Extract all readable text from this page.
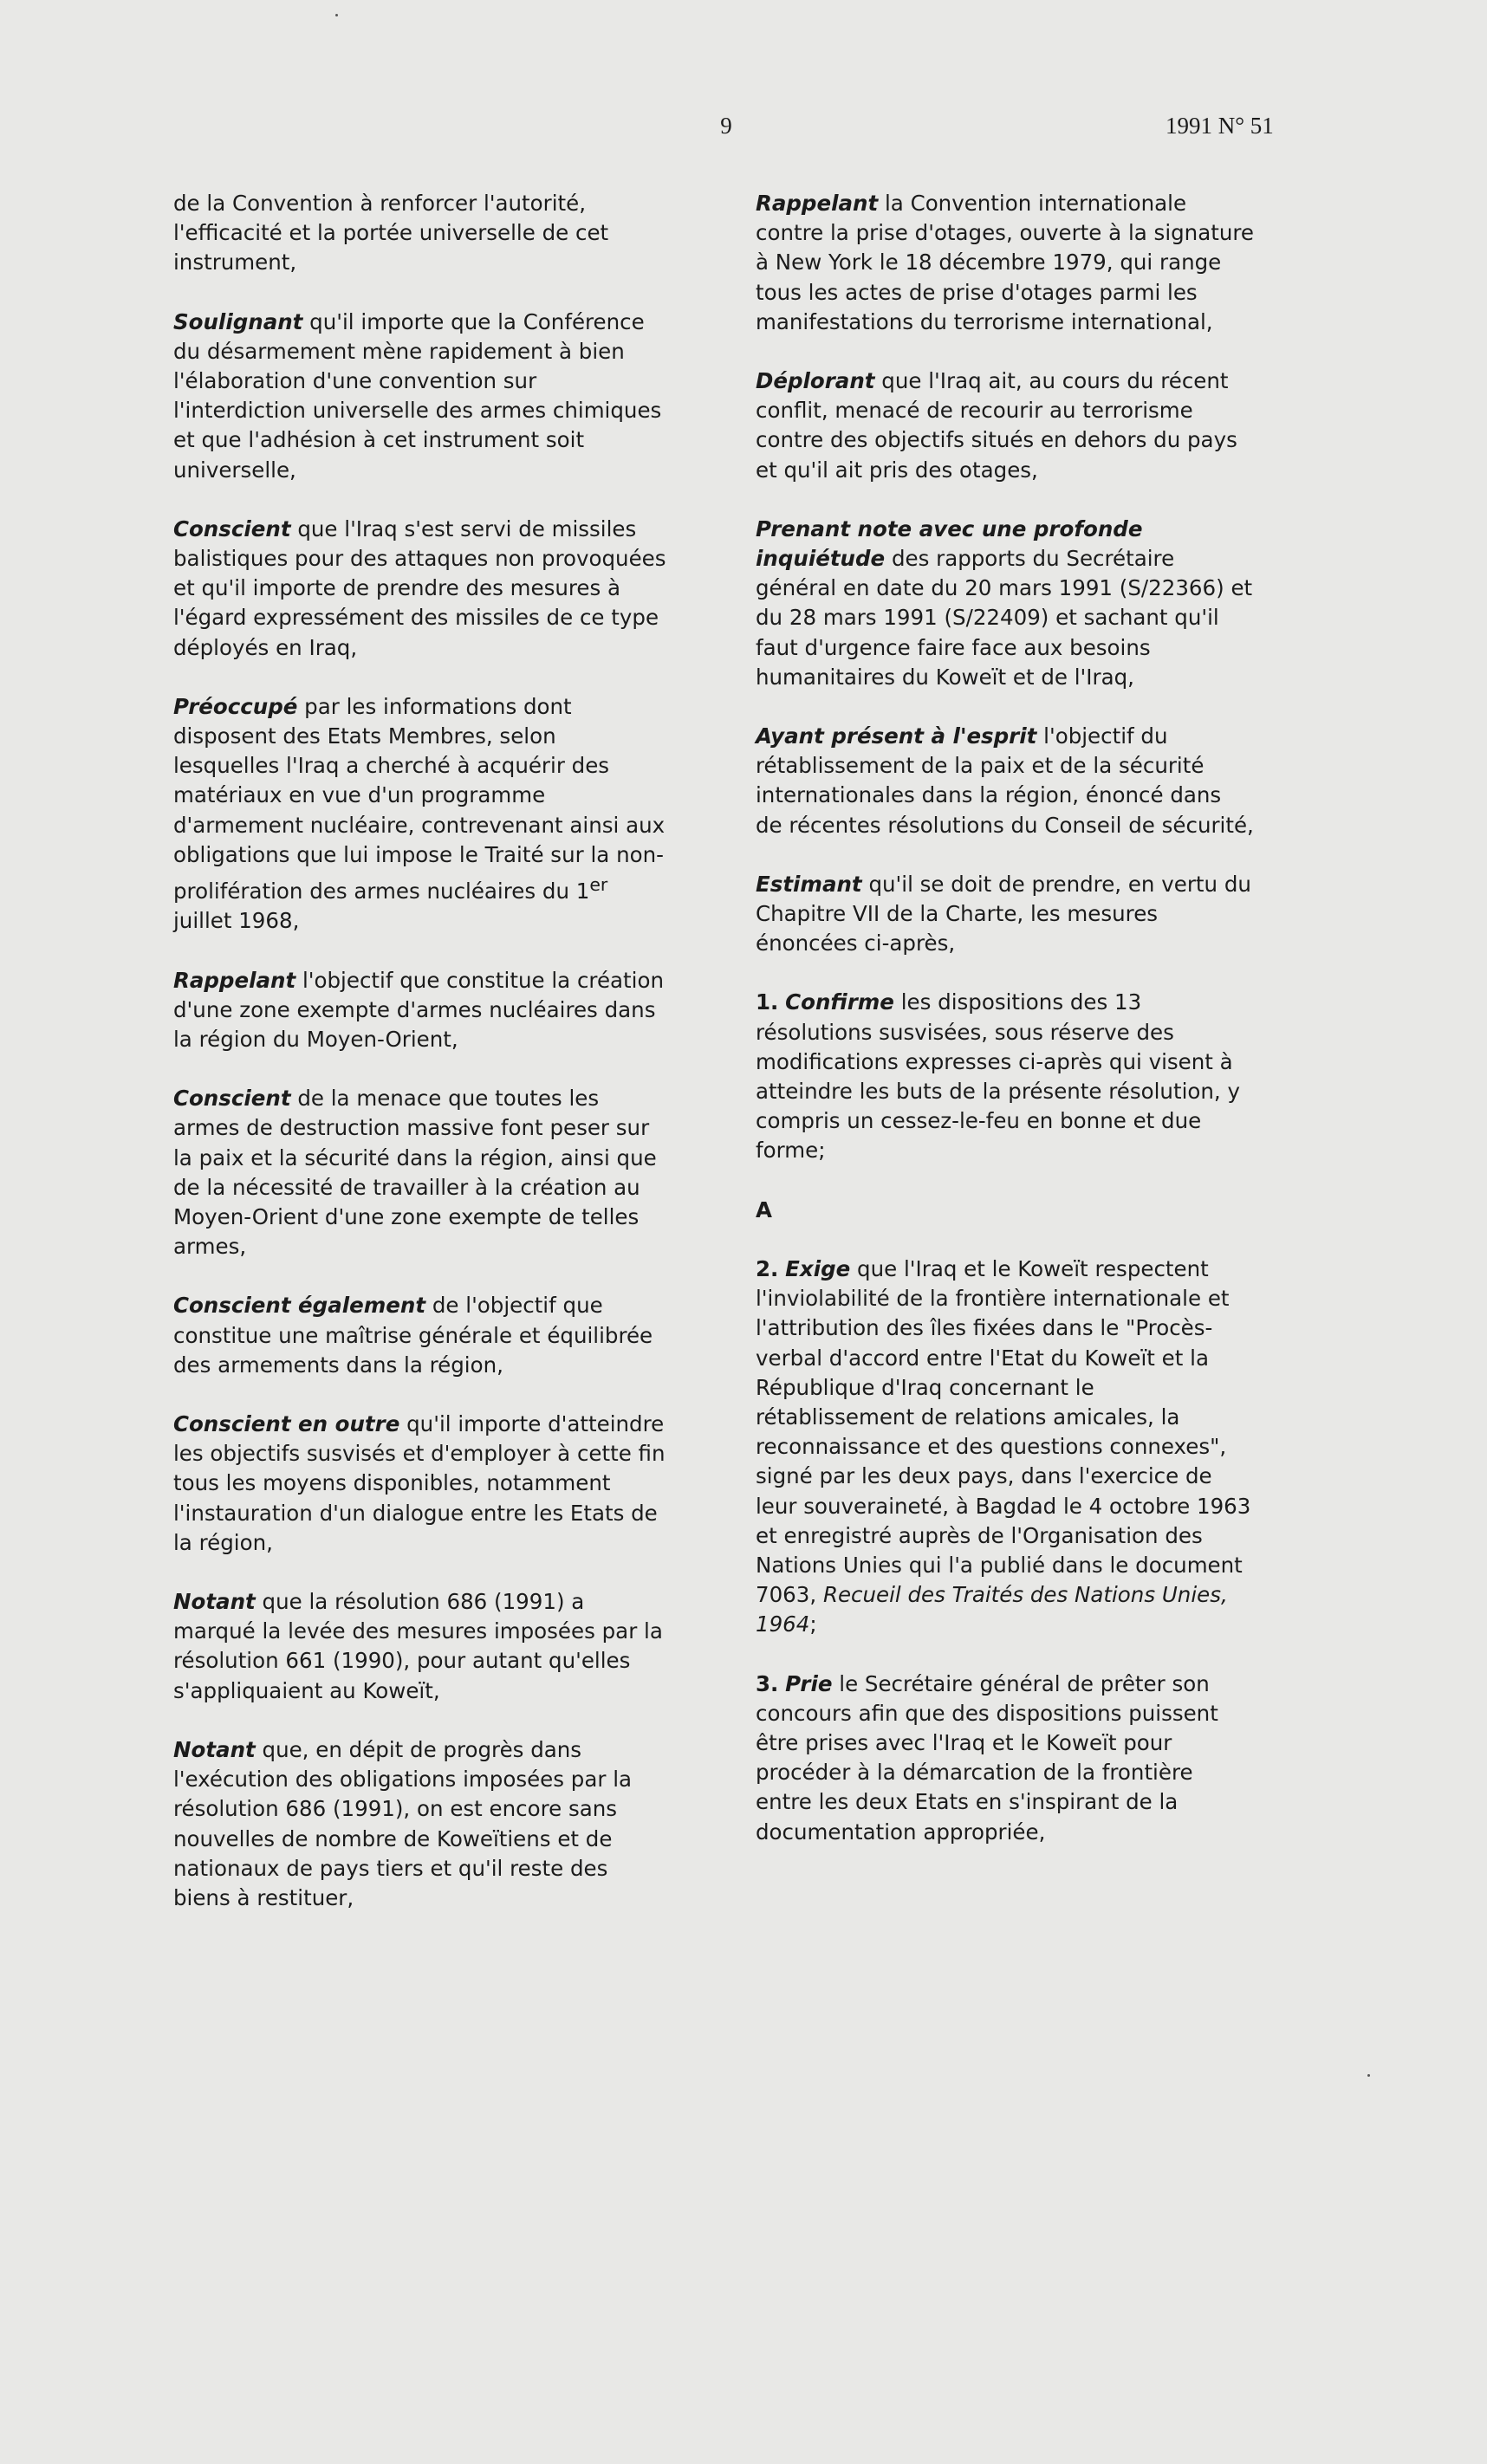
9	1991 N° 51

de la Convention à renforcer l'autorité, l'efficacité et la portée universelle de cet instrument,

Soulignant qu'il importe que la Conférence du désarmement mène rapidement à bien l'élaboration d'une convention sur l'interdiction universelle des armes chimiques et que l'adhésion à cet instrument soit universelle,

Conscient que l'Iraq s'est servi de missiles balistiques pour des attaques non provoquées et qu'il importe de prendre des mesures à l'égard expressément des missiles de ce type déployés en Iraq,

Préoccupé par les informations dont disposent des Etats Membres, selon lesquelles l'Iraq a cherché à acquérir des matériaux en vue d'un programme d'armement nucléaire, contrevenant ainsi aux obligations que lui impose le Traité sur la non-prolifération des armes nucléaires du 1er juillet 1968,

Rappelant l'objectif que constitue la création d'une zone exempte d'armes nucléaires dans la région du Moyen-Orient,

Conscient de la menace que toutes les armes de destruction massive font peser sur la paix et la sécurité dans la région, ainsi que de la nécessité de travailler à la création au Moyen-Orient d'une zone exempte de telles armes,

Conscient également de l'objectif que constitue une maîtrise générale et équilibrée des armements dans la région,

Conscient en outre qu'il importe d'atteindre les objectifs susvisés et d'employer à cette fin tous les moyens disponibles, notamment l'instauration d'un dialogue entre les Etats de la région,

Notant que la résolution 686 (1991) a marqué la levée des mesures imposées par la résolution 661 (1990), pour autant qu'elles s'appliquaient au Koweït,

Notant que, en dépit de progrès dans l'exécution des obligations imposées par la résolution 686 (1991), on est encore sans nouvelles de nombre de Koweïtiens et de nationaux de pays tiers et qu'il reste des biens à restituer,

Rappelant la Convention internationale contre la prise d'otages, ouverte à la signature à New York le 18 décembre 1979, qui range tous les actes de prise d'otages parmi les manifestations du terrorisme international,

Déplorant que l'Iraq ait, au cours du récent conflit, menacé de recourir au terrorisme contre des objectifs situés en dehors du pays et qu'il ait pris des otages,

Prenant note avec une profonde inquiétude des rapports du Secrétaire général en date du 20 mars 1991 (S/22366) et du 28 mars 1991 (S/22409) et sachant qu'il faut d'urgence faire face aux besoins humanitaires du Koweït et de l'Iraq,

Ayant présent à l'esprit l'objectif du rétablissement de la paix et de la sécurité internationales dans la région, énoncé dans de récentes résolutions du Conseil de sécurité,

Estimant qu'il se doit de prendre, en vertu du Chapitre VII de la Charte, les mesures énoncées ci-après,

1. Confirme les dispositions des 13 résolutions susvisées, sous réserve des modifications expresses ci-après qui visent à atteindre les buts de la présente résolution, y compris un cessez-le-feu en bonne et due forme;

A

2. Exige que l'Iraq et le Koweït respectent l'inviolabilité de la frontière internationale et l'attribution des îles fixées dans le "Procès-verbal d'accord entre l'Etat du Koweït et la République d'Iraq concernant le rétablissement de relations amicales, la reconnaissance et des questions connexes", signé par les deux pays, dans l'exercice de leur souveraineté, à Bagdad le 4 octobre 1963 et enregistré auprès de l'Organisation des Nations Unies qui l'a publié dans le document 7063, Recueil des Traités des Nations Unies, 1964;

3. Prie le Secrétaire général de prêter son concours afin que des dispositions puissent être prises avec l'Iraq et le Koweït pour procéder à la démarcation de la frontière entre les deux Etats en s'inspirant de la documentation appropriée,
